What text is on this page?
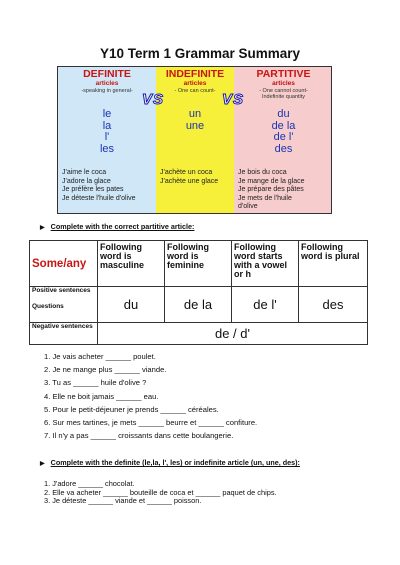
Y10 Term 1 Grammar Summary
DEFINITE
articles
-speaking in general-
le
la
l'
les
J'aime le coca
J'adore la glace
Je préfère les pates
Je déteste l'huile d'olive
INDEFINITE
articles
- One can count-
un
une
J'achète un coca
J'achète une glace
PARTITIVE
articles
- One cannot count-
Indefinite quantity
du
de la
de l'
des
Je bois du coca
Je mange de la glace
Je prépare des pâtes
Je mets de l'huile
d'olive
VS	VS
▶ Complete with the correct partitive article:
Some/any	Following word is masculine	Following word is feminine	Following word starts with a vowel or h	Following word is plural

Positive sentences
Questions	du	de la	de l'	des
Negative sentences	de / d'			
1. Je vais acheter ______ poulet.
2. Je ne mange plus ______ viande.
3. Tu as ______ huile d'olive ?
4. Elle ne boit jamais ______ eau.
5. Pour le petit-déjeuner je prends ______ céréales.
6. Sur mes tartines, je mets ______ beurre et ______ confiture.
7. Il n'y a pas ______ croissants dans cette boulangerie.
▶ Complete with the definite (le,la, l', les) or indefinite article (un, une, des):
1. J'adore ______ chocolat.
2. Elle va acheter ______ bouteille de coca et ______ paquet de chips.
3. Je déteste ______ viande et ______ poisson.
